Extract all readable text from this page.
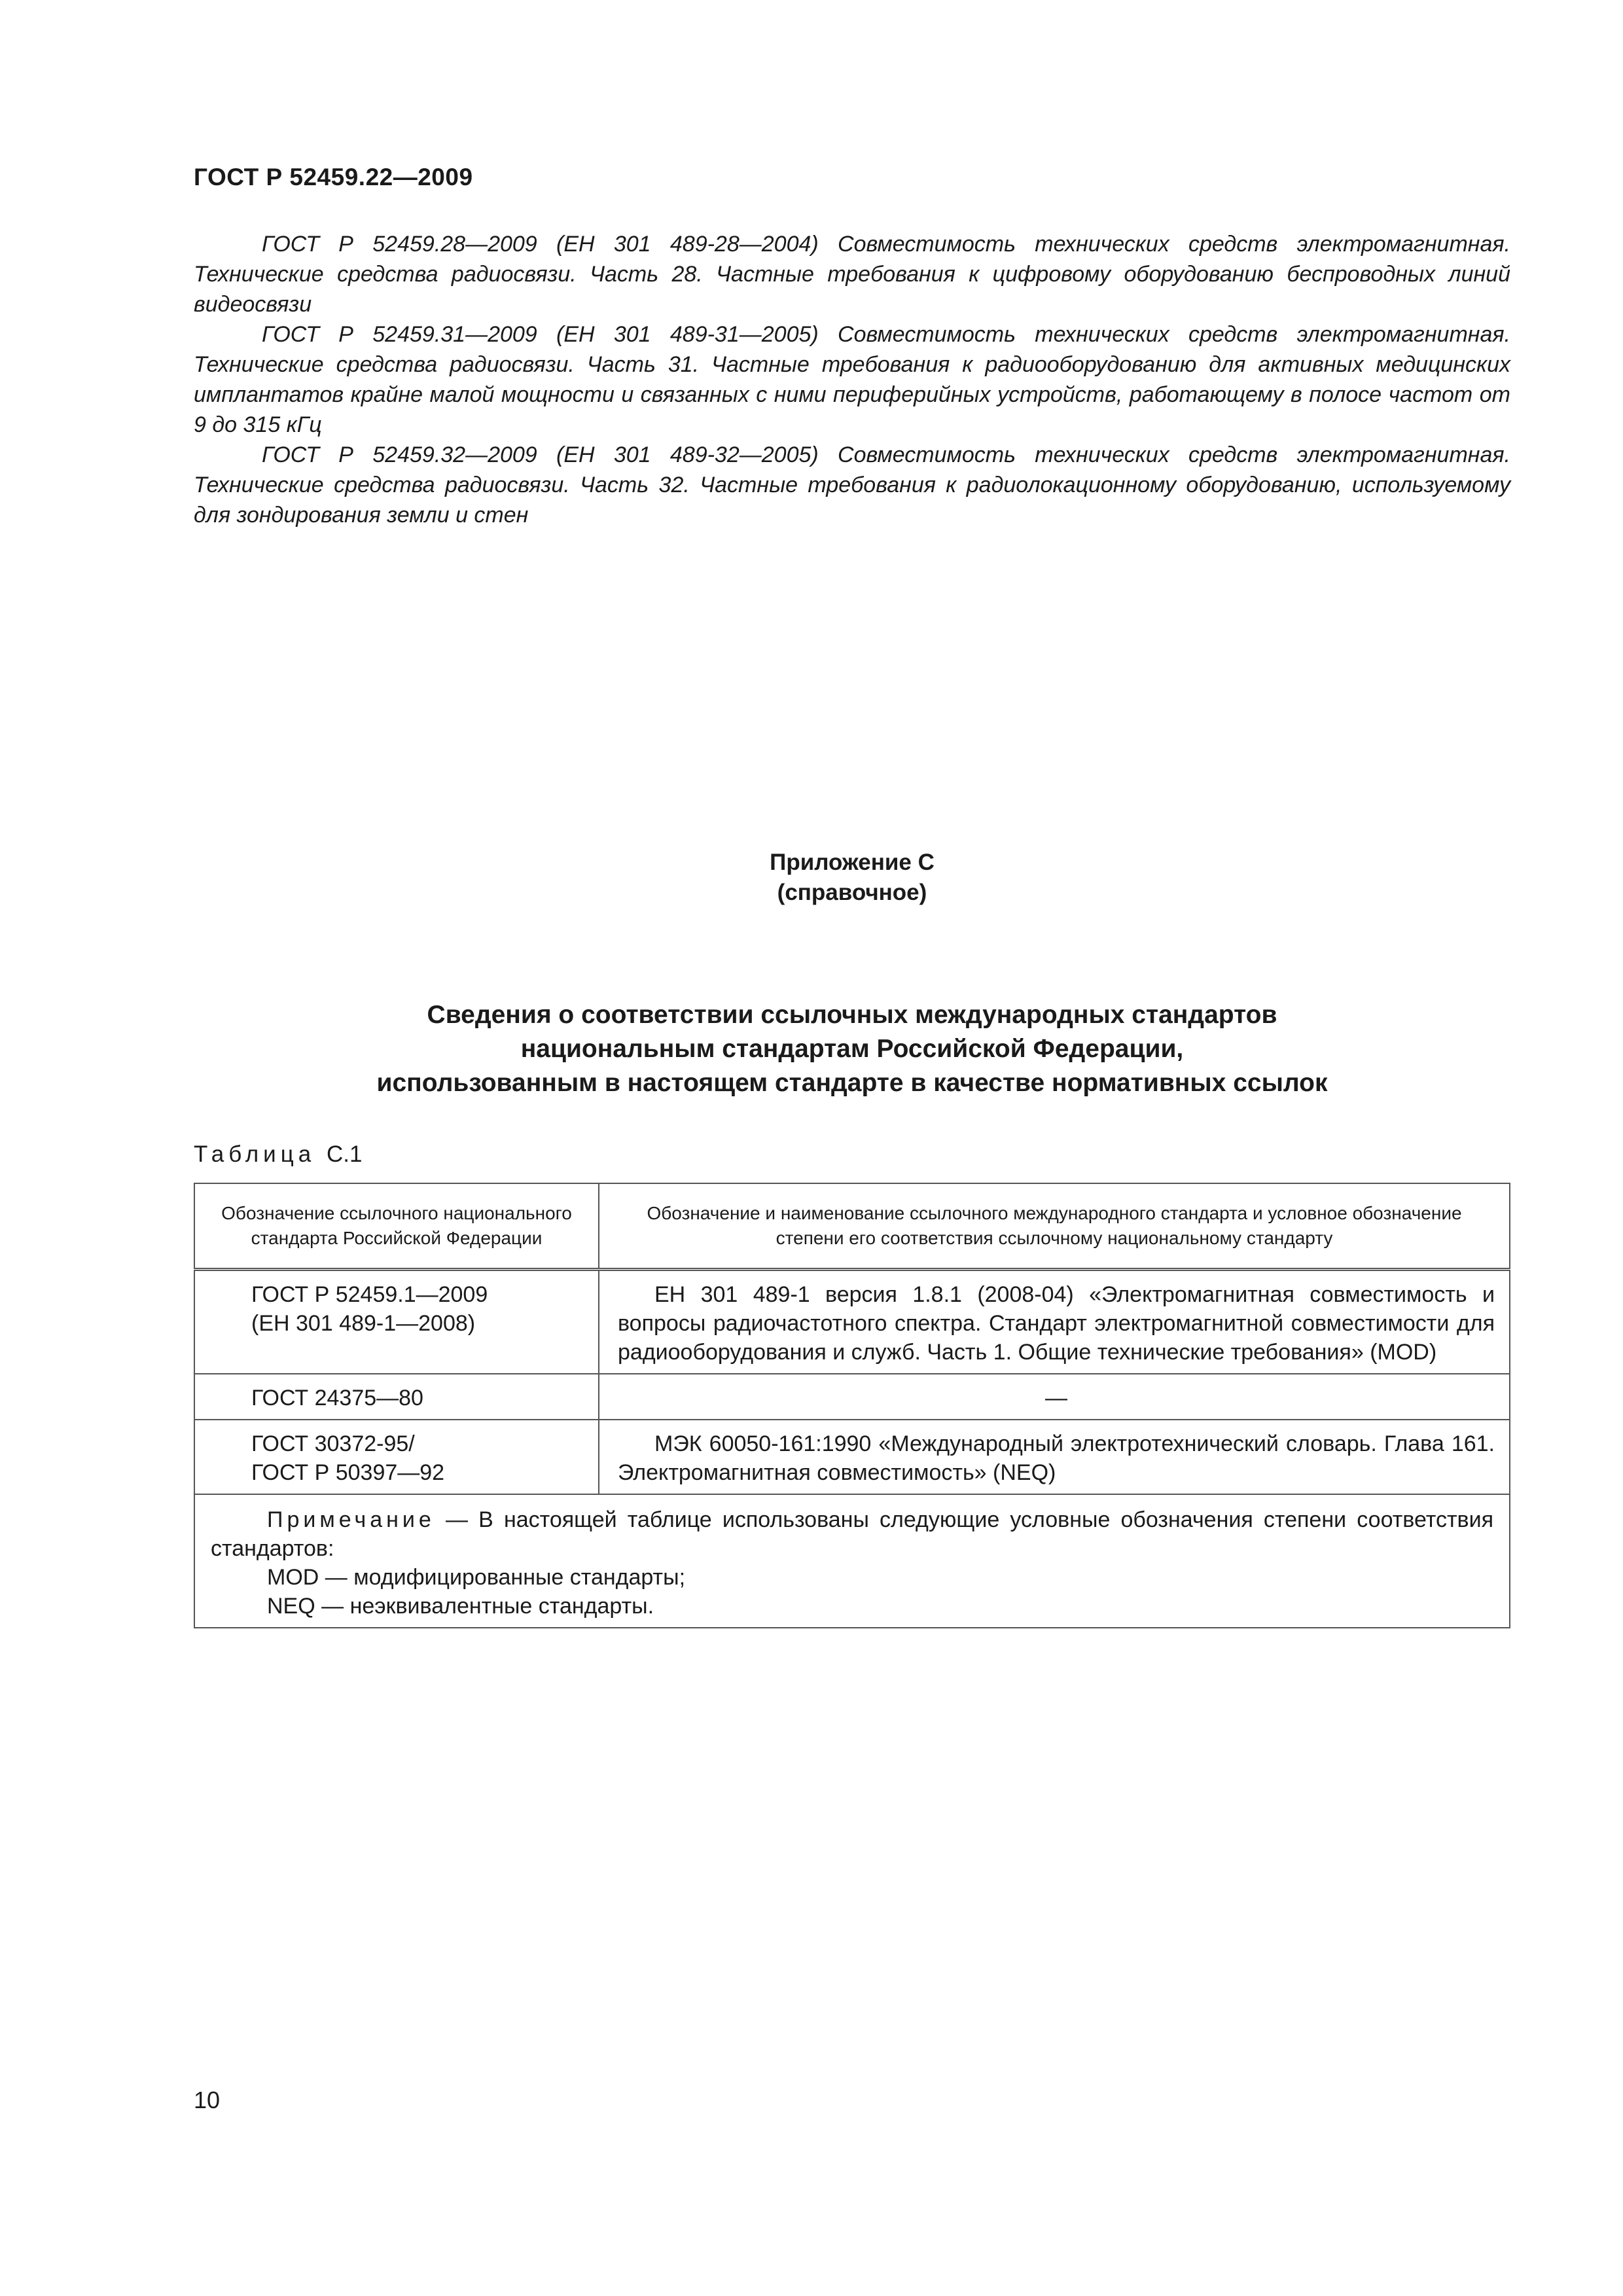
ГОСТ Р 52459.22—2009

ГОСТ Р 52459.28—2009 (ЕН 301 489-28—2004) Совместимость технических средств электромагнитная. Технические средства радиосвязи. Часть 28. Частные требования к цифровому оборудованию беспроводных линий видеосвязи

ГОСТ Р 52459.31—2009 (ЕН 301 489-31—2005) Совместимость технических средств электромагнитная. Технические средства радиосвязи. Часть 31. Частные требования к радиооборудованию для активных медицинских имплантатов крайне малой мощности и связанных с ними периферийных устройств, работающему в полосе частот от 9 до 315 кГц

ГОСТ Р 52459.32—2009 (ЕН 301 489-32—2005) Совместимость технических средств электромагнитная. Технические средства радиосвязи. Часть 32. Частные требования к радиолокационному оборудованию, используемому для зондирования земли и стен

Приложение С
(справочное)
Сведения о соответствии ссылочных международных стандартов
национальным стандартам Российской Федерации,
использованным в настоящем стандарте в качестве нормативных ссылок
Таблица С.1
Обозначение ссылочного национального стандарта Российской Федерации	Обозначение и наименование ссылочного международного стандарта и условное обозначение степени его соответствия ссылочному национальному стандарту

ГОСТ Р 52459.1—2009
(ЕН 301 489-1—2008)	ЕН 301 489-1 версия 1.8.1 (2008-04) «Электромагнитная совместимость и вопросы радиочастотного спектра. Стандарт электромагнитной совместимости для радиооборудования и служб. Часть 1. Общие технические требования» (MOD)

ГОСТ 24375—80	—

ГОСТ 30372-95/
ГОСТ Р 50397—92	МЭК 60050-161:1990 «Международный электротехнический словарь. Глава 161. Электромагнитная совместимость» (NEQ)

Примечание — В настоящей таблице использованы следующие условные обозначения степени соответствия стандартов:
MOD — модифицированные стандарты;
NEQ — неэквивалентные стандарты.	
10
